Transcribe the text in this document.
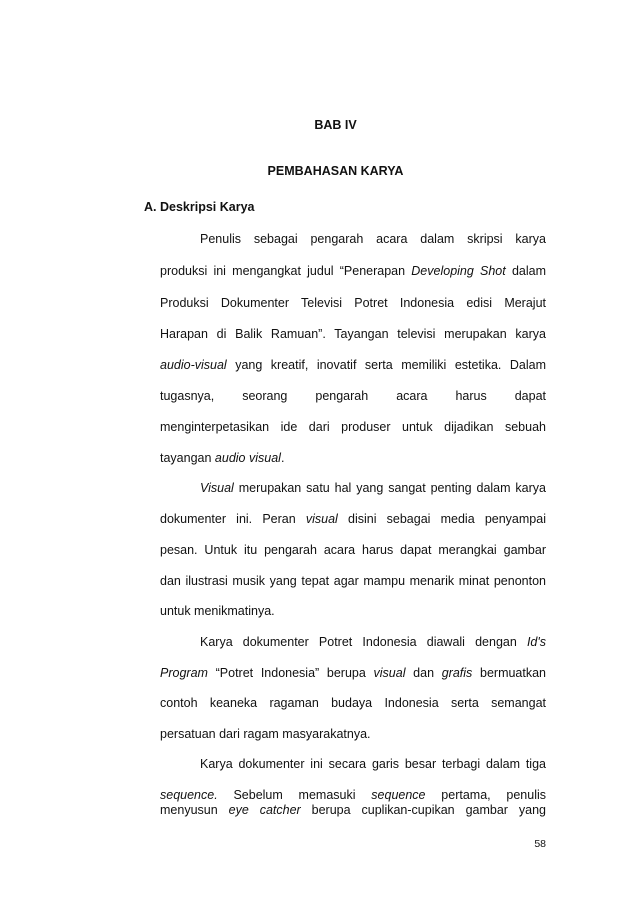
BAB IV
PEMBAHASAN KARYA
A. Deskripsi Karya
Penulis sebagai pengarah acara dalam skripsi karya
produksi ini mengangkat judul “Penerapan Developing Shot dalam
Produksi Dokumenter Televisi Potret Indonesia edisi Merajut
Harapan di Balik Ramuan”. Tayangan televisi merupakan karya
audio-visual yang kreatif, inovatif serta memiliki estetika. Dalam
tugasnya, seorang pengarah acara harus dapat
menginterpetasikan ide dari produser untuk dijadikan sebuah
tayangan audio visual.
Visual merupakan satu hal yang sangat penting dalam karya
dokumenter ini. Peran visual disini sebagai media penyampai
pesan. Untuk itu pengarah acara harus dapat merangkai gambar
dan ilustrasi musik yang tepat agar mampu menarik minat penonton
untuk menikmatinya.
Karya dokumenter Potret Indonesia diawali dengan Id's
Program “Potret Indonesia” berupa visual dan grafis bermuatkan
contoh keaneka ragaman budaya Indonesia serta semangat
persatuan dari ragam masyarakatnya.
Karya dokumenter ini secara garis besar terbagi dalam tiga
sequence. Sebelum memasuki sequence pertama, penulis
menyusun eye catcher berupa cuplikan-cupikan gambar yang
58
